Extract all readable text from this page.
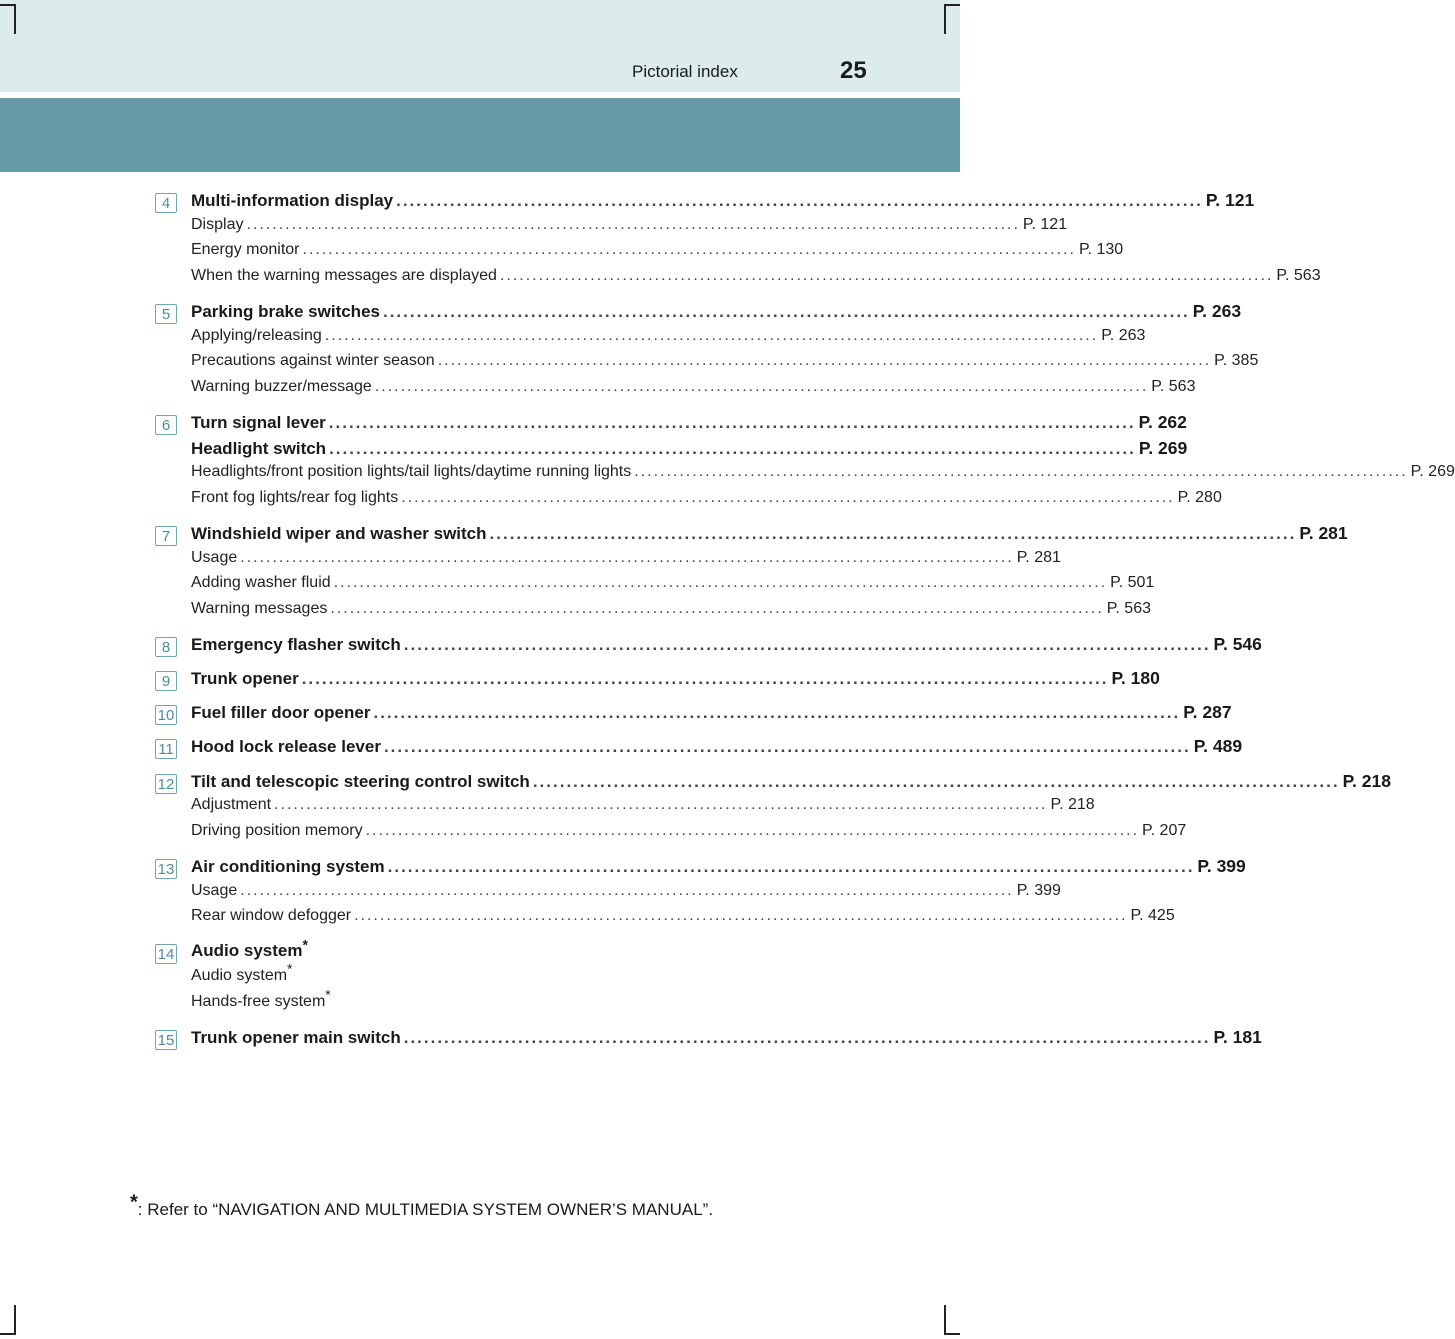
Pictorial index	25
4	Multi-information display ........................................................................................................................ P. 121
Display ........................................................................................................................ P. 121
Energy monitor ........................................................................................................................ P. 130
When the warning messages are displayed ........................................................................................................................ P. 563
5	Parking brake switches ........................................................................................................................ P. 263
Applying/releasing ........................................................................................................................ P. 263
Precautions against winter season ........................................................................................................................ P. 385
Warning buzzer/message ........................................................................................................................ P. 563
6	Turn signal lever ........................................................................................................................ P. 262
Headlight switch ........................................................................................................................ P. 269
Headlights/front position lights/tail lights/daytime running lights ........................................................................................................................ P. 269
Front fog lights/rear fog lights ........................................................................................................................ P. 280
7	Windshield wiper and washer switch ........................................................................................................................ P. 281
Usage ........................................................................................................................ P. 281
Adding washer fluid ........................................................................................................................ P. 501
Warning messages ........................................................................................................................ P. 563
8	Emergency flasher switch ........................................................................................................................ P. 546
9	Trunk opener ........................................................................................................................ P. 180
10 Fuel filler door opener ........................................................................................................................ P. 287
11 Hood lock release lever ........................................................................................................................ P. 489
12 Tilt and telescopic steering control switch ........................................................................................................................ P. 218
Adjustment ........................................................................................................................ P. 218
Driving position memory ........................................................................................................................ P. 207
13 Air conditioning system ........................................................................................................................ P. 399
Usage ........................................................................................................................ P. 399
Rear window defogger ........................................................................................................................ P. 425
14 Audio system*
Audio system*
Hands-free system*
15 Trunk opener main switch ........................................................................................................................ P. 181
*: Refer to “NAVIGATION AND MULTIMEDIA SYSTEM OWNER’S MANUAL”.
